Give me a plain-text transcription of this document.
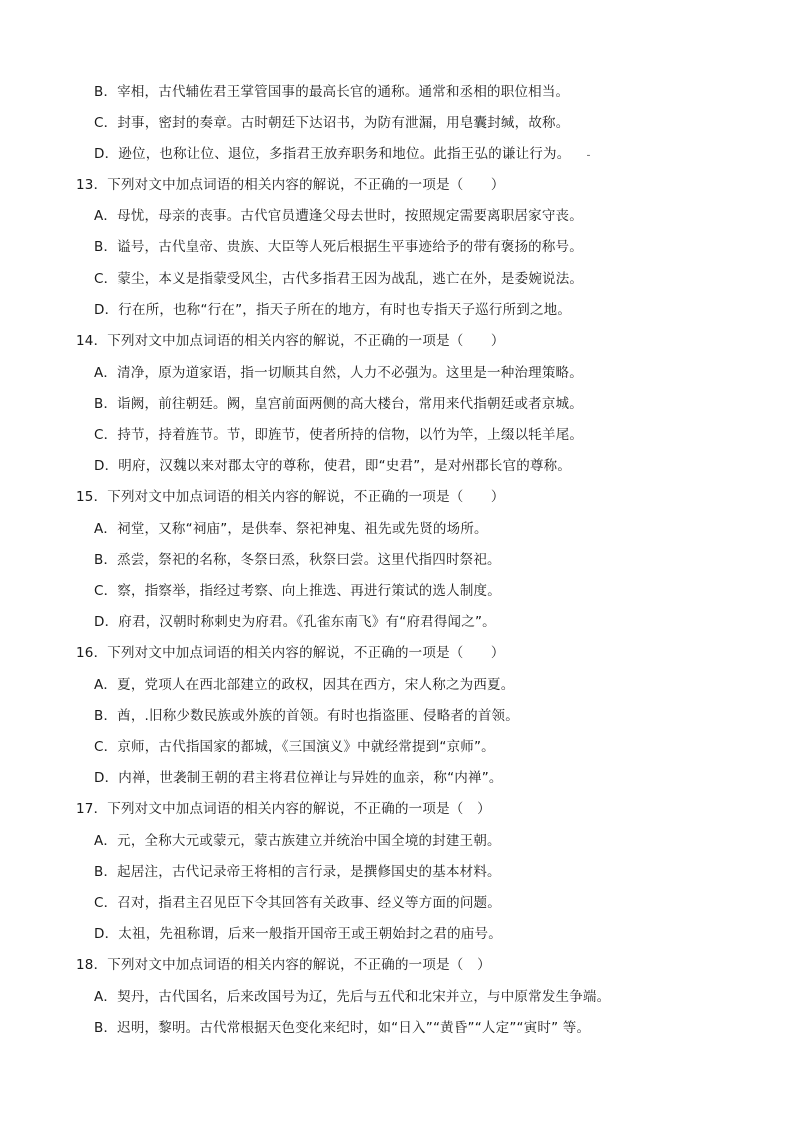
B．宰相，古代辅佐君王掌管国事的最高长官的通称。通常和丞相的职位相当。
C．封事，密封的奏章。古时朝廷下达诏书，为防有泄漏，用皂囊封缄，故称。
D．逊位，也称让位、退位，多指君王放弃职务和地位。此指王弘的谦让行为。 ˍ
13．下列对文中加点词语的相关内容的解说，不正确的一项是（　　）
A．母忧，母亲的丧事。古代官员遭逢父母去世时，按照规定需要离职居家守丧。
B．谥号，古代皇帝、贵族、大臣等人死后根据生平事迹给予的带有褒扬的称号。
C．蒙尘，本义是指蒙受风尘，古代多指君王因为战乱，逃亡在外，是委婉说法。
D．行在所，也称“行在”，指天子所在的地方，有时也专指天子巡行所到之地。
14．下列对文中加点词语的相关内容的解说，不正确的一项是（　　）
A．清净，原为道家语，指一切顺其自然，人力不必强为。这里是一种治理策略。
B．诣阙，前往朝廷。阙，皇宫前面两侧的高大楼台，常用来代指朝廷或者京城。
C．持节，持着旌节。节，即旌节，使者所持的信物，以竹为竿，上缀以牦羊尾。
D．明府，汉魏以来对郡太守的尊称，使君，即“史君”，是对州郡长官的尊称。
15．下列对文中加点词语的相关内容的解说，不正确的一项是（　　）
A．祠堂，又称“祠庙”，是供奉、祭祀神鬼、祖先或先贤的场所。
B．烝尝，祭祀的名称，冬祭曰烝，秋祭曰尝。这里代指四时祭祀。
C．察，指察举，指经过考察、向上推选、再进行策试的选人制度。
D．府君，汉朝时称刺史为府君。《孔雀东南飞》有“府君得闻之”。
16．下列对文中加点词语的相关内容的解说，不正确的一项是（　　）
A．夏，党项人在西北部建立的政权，因其在西方，宋人称之为西夏。
B．酋，.旧称少数民族或外族的首领。有时也指盗匪、侵略者的首领。
C．京师，古代指国家的都城，《三国演义》中就经常提到“京师”。
D．内禅，世袭制王朝的君主将君位禅让与异姓的血亲，称“内禅”。
17．下列对文中加点词语的相关内容的解说，不正确的一项是（　）
A．元，全称大元或蒙元，蒙古族建立并统治中国全境的封建王朝。
B．起居注，古代记录帝王将相的言行录，是撰修国史的基本材料。
C．召对，指君主召见臣下令其回答有关政事、经义等方面的问题。
D．太祖，先祖称谓，后来一般指开国帝王或王朝始封之君的庙号。
18．下列对文中加点词语的相关内容的解说，不正确的一项是（　）
A．契丹，古代国名，后来改国号为辽，先后与五代和北宋并立，与中原常发生争端。
B．迟明，黎明。古代常根据天色变化来纪时，如“日入”“黄昏”“人定”“寅时” 等。
